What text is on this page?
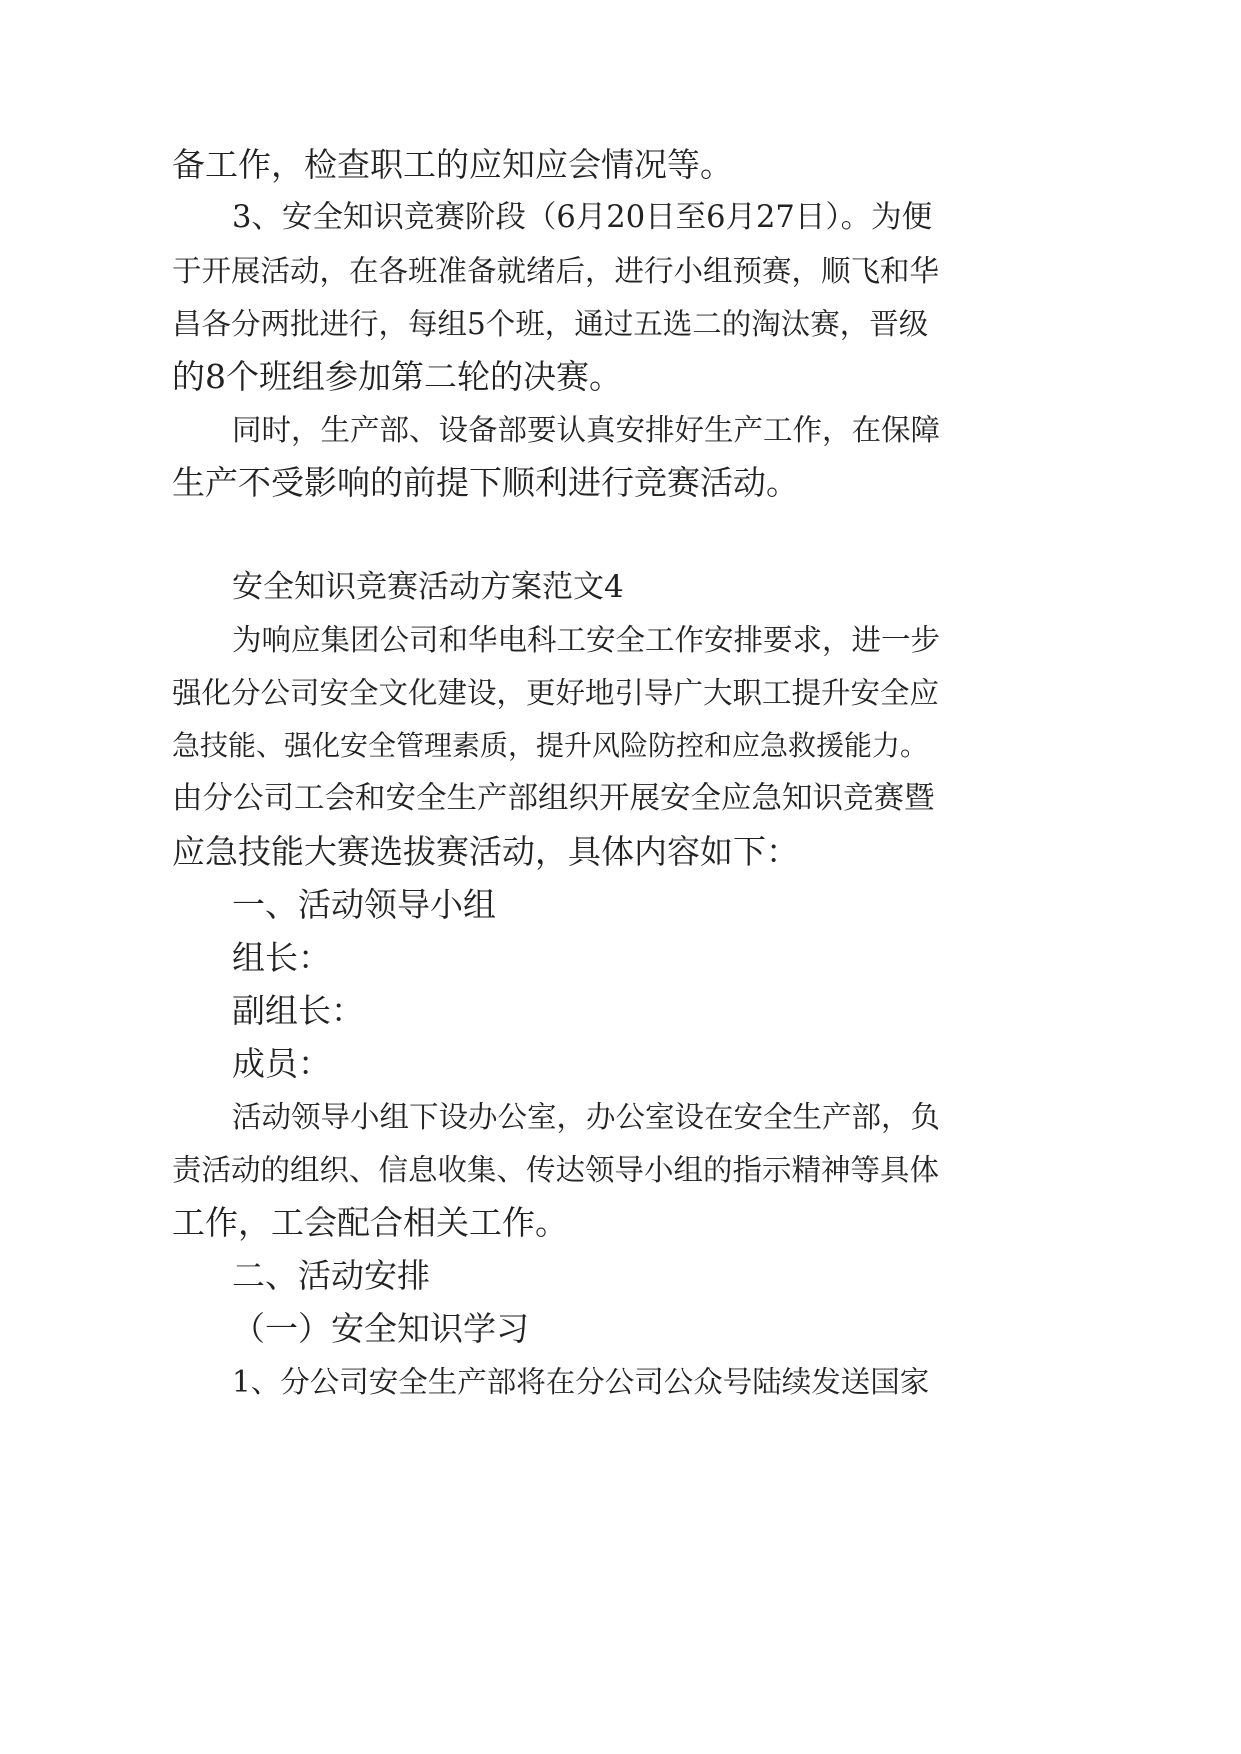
备工作，检查职工的应知应会情况等。
3、安全知识竞赛阶段（6月20日至6月27日）。为便
于开展活动，在各班准备就绪后，进行小组预赛，顺飞和华
昌各分两批进行，每组5个班，通过五选二的淘汰赛，晋级
的8个班组参加第二轮的决赛。
同时，生产部、设备部要认真安排好生产工作，在保障
生产不受影响的前提下顺利进行竞赛活动。
安全知识竞赛活动方案范文4
为响应集团公司和华电科工安全工作安排要求，进一步
强化分公司安全文化建设，更好地引导广大职工提升安全应
急技能、强化安全管理素质，提升风险防控和应急救援能力。
由分公司工会和安全生产部组织开展安全应急知识竞赛暨
应急技能大赛选拔赛活动，具体内容如下：
一、活动领导小组
组长：
副组长：
成员：
活动领导小组下设办公室，办公室设在安全生产部，负
责活动的组织、信息收集、传达领导小组的指示精神等具体
工作，工会配合相关工作。
二、活动安排
（一）安全知识学习
1、分公司安全生产部将在分公司公众号陆续发送国家
